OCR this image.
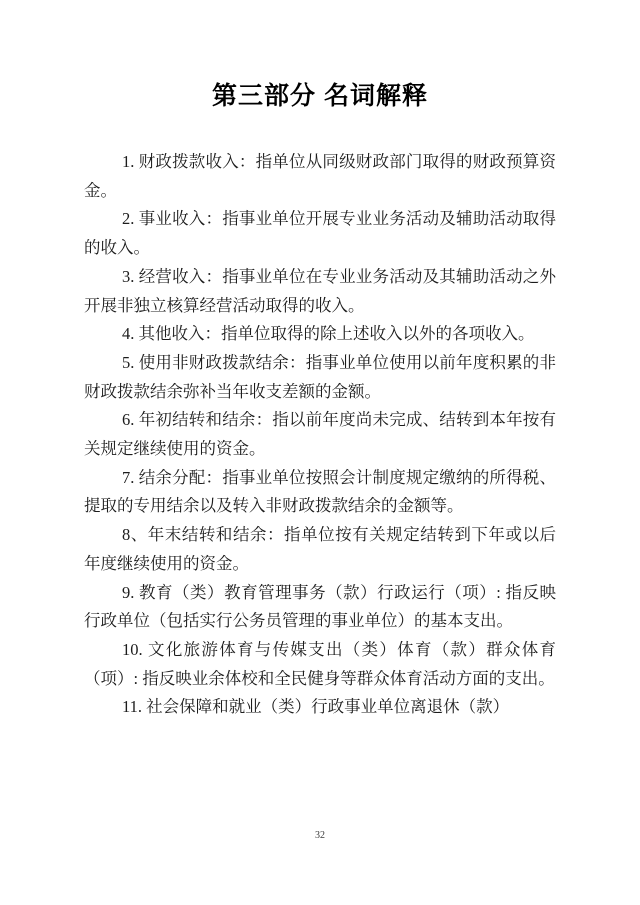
第三部分 名词解释

1. 财政拨款收入：指单位从同级财政部门取得的财政预算资金。

2. 事业收入：指事业单位开展专业业务活动及辅助活动取得的收入。

3. 经营收入：指事业单位在专业业务活动及其辅助活动之外开展非独立核算经营活动取得的收入。

4. 其他收入：指单位取得的除上述收入以外的各项收入。

5. 使用非财政拨款结余：指事业单位使用以前年度积累的非财政拨款结余弥补当年收支差额的金额。

6. 年初结转和结余：指以前年度尚未完成、结转到本年按有关规定继续使用的资金。

7. 结余分配：指事业单位按照会计制度规定缴纳的所得税、提取的专用结余以及转入非财政拨款结余的金额等。

8、年末结转和结余：指单位按有关规定结转到下年或以后年度继续使用的资金。

9. 教育（类）教育管理事务（款）行政运行（项）: 指反映行政单位（包括实行公务员管理的事业单位）的基本支出。

10. 文化旅游体育与传媒支出（类）体育（款）群众体育（项）: 指反映业余体校和全民健身等群众体育活动方面的支出。

11. 社会保障和就业（类）行政事业单位离退休（款）

32
